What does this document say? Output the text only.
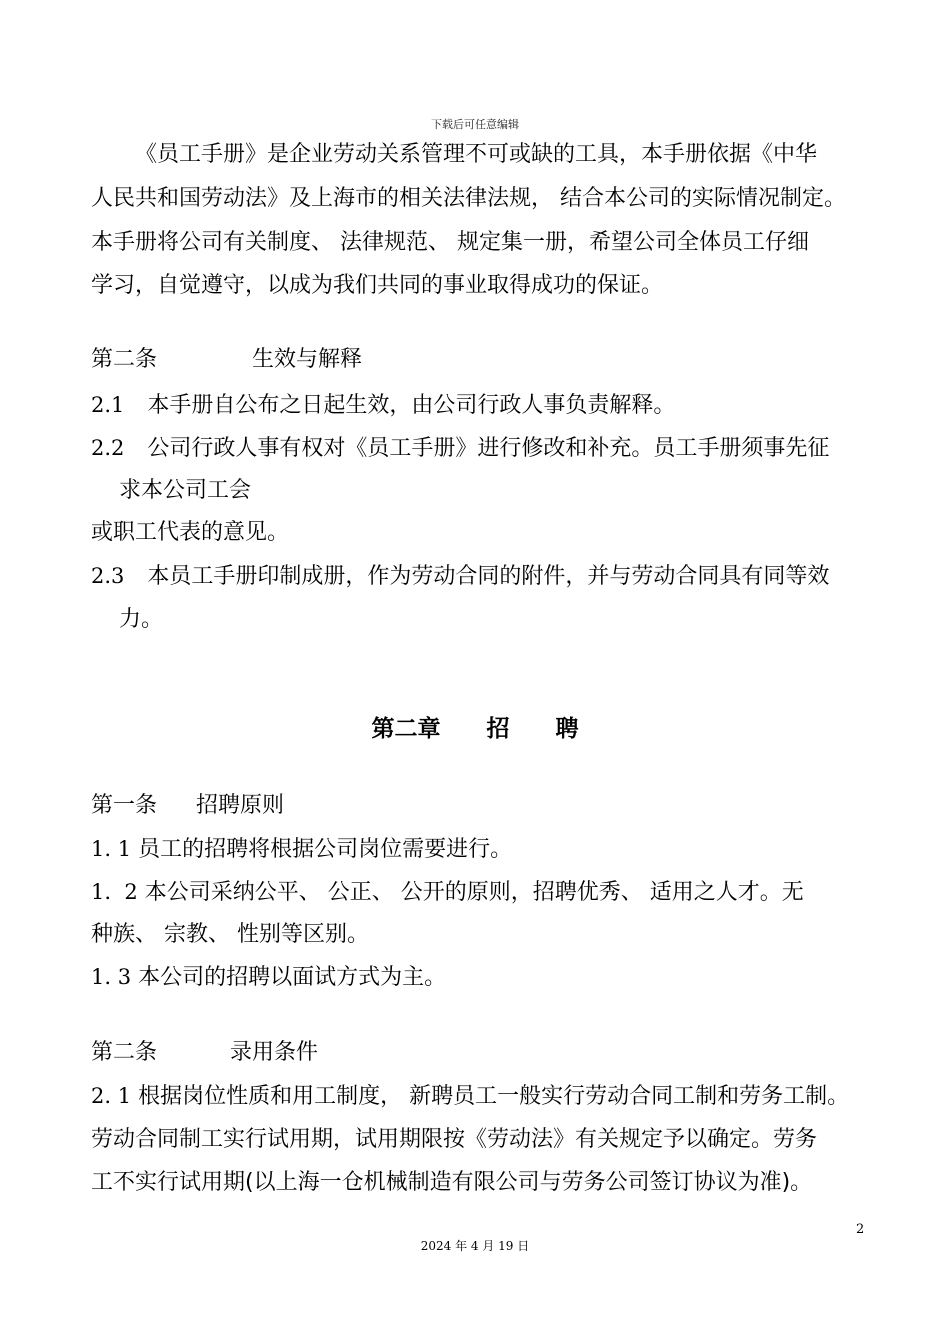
下载后可任意编辑
《员工手册》是企业劳动关系管理不可或缺的工具，本手册依据《中华
人民共和国劳动法》及上海市的相关法律法规， 结合本公司的实际情况制定。
本手册将公司有关制度、 法律规范、 规定集一册，希望公司全体员工仔细
学习，自觉遵守，以成为我们共同的事业取得成功的保证。
第二条	生效与解释
2.1 本手册自公布之日起生效，由公司行政人事负责解释。
2.2 公司行政人事有权对《员工手册》进行修改和补充。员工手册须事先征
求本公司工会
或职工代表的意见。
2.3 本员工手册印制成册，作为劳动合同的附件，并与劳动合同具有同等效
力。
第二章　　招　　聘
第一条 招聘原则
1. 1 员工的招聘将根据公司岗位需要进行。
1.  2 本公司采纳公平、 公正、 公开的原则，招聘优秀、 适用之人才。无
种族、 宗教、 性别等区别。
1. 3 本公司的招聘以面试方式为主。
第二条	录用条件
2. 1 根据岗位性质和用工制度， 新聘员工一般实行劳动合同工制和劳务工制。
劳动合同制工实行试用期，试用期限按《劳动法》有关规定予以确定。劳务
工不实行试用期(以上海一仓机械制造有限公司与劳务公司签订协议为准)。
2
2024 年 4 月 19 日
